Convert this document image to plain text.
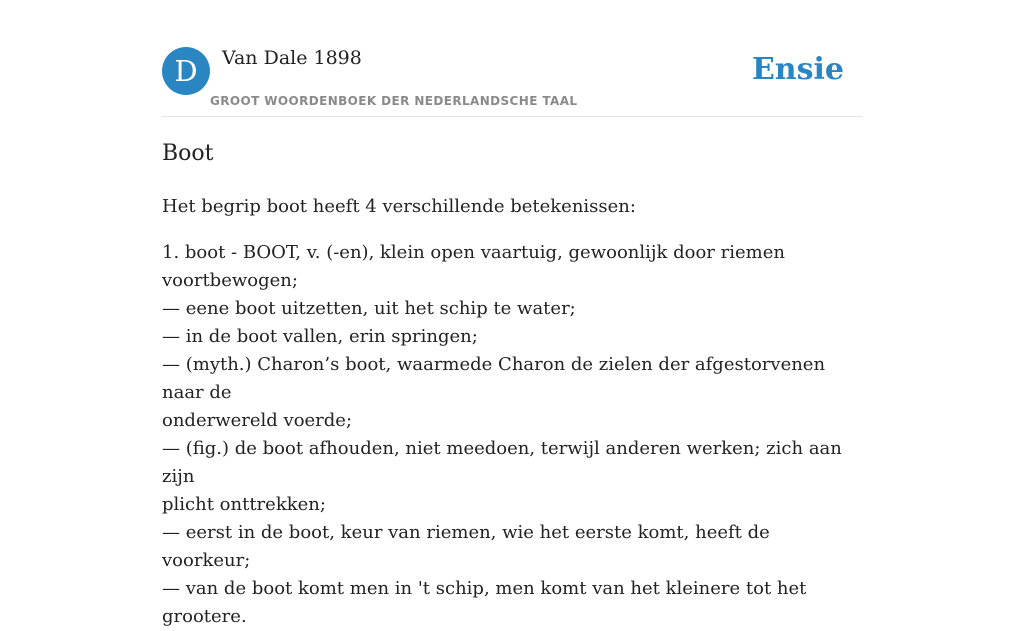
D	Van Dale 1898
GROOT WOORDENBOEK DER NEDERLANDSCHE TAAL
Ensie
Boot

Het begrip boot heeft 4 verschillende betekenissen:

1. boot - BOOT, v. (-en), klein open vaartuig, gewoonlijk door riemen
voortbewogen;
— eene boot uitzetten, uit het schip te water;
— in de boot vallen, erin springen;
— (myth.) Charon’s boot, waarmede Charon de zielen der afgestorvenen naar de
onderwereld voerde;
— (fig.) de boot afhouden, niet meedoen, terwijl anderen werken; zich aan zijn
plicht onttrekken;
— eerst in de boot, keur van riemen, wie het eerste komt, heeft de voorkeur;
— van de boot komt men in 't schip, men komt van het kleinere tot het grootere.
